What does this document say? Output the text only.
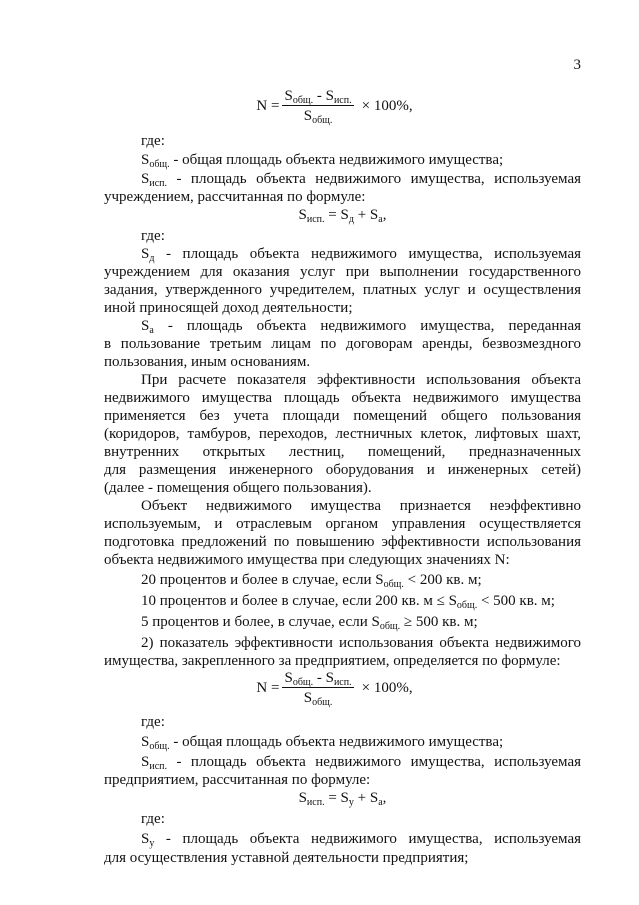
3
$N = \frac{S_{общ.} - S_{исп.}}{S_{общ.}} \times 100\%$,
где:
$S_{общ.}$ - общая площадь объекта недвижимого имущества;
$S_{исп.}$ - площадь объекта недвижимого имущества, используемая
учреждением, рассчитанная по формуле:
$S_{исп.} = S_д + S_а$,
где:
$S_д$ - площадь объекта недвижимого имущества, используемая
учреждением для оказания услуг при выполнении государственного
задания, утвержденного учредителем, платных услуг и осуществления
иной приносящей доход деятельности;
$S_а$ - площадь объекта недвижимого имущества, переданная
в пользование третьим лицам по договорам аренды, безвозмездного
пользования, иным основаниям.
При расчете показателя эффективности использования объекта
недвижимого имущества площадь объекта недвижимого имущества
применяется без учета площади помещений общего пользования
(коридоров, тамбуров, переходов, лестничных клеток, лифтовых шахт,
внутренних открытых лестниц, помещений, предназначенных
для размещения инженерного оборудования и инженерных сетей)
(далее - помещения общего пользования).
Объект недвижимого имущества признается неэффективно
используемым, и отраслевым органом управления осуществляется
подготовка предложений по повышению эффективности использования
объекта недвижимого имущества при следующих значениях N:
20 процентов и более в случае, если $S_{общ.} < 200$ кв. м;
10 процентов и более в случае, если 200 кв. $м \le S_{общ.} < 500$ кв. м;
5 процентов и более, в случае, если $S_{общ.} \ge 500$ кв. м;
2) показатель эффективности использования объекта недвижимого
имущества, закрепленного за предприятием, определяется по формуле:
$N = \frac{S_{общ.} - S_{исп.}}{S_{общ.}} \times 100\%$,
где:
$S_{общ.}$ - общая площадь объекта недвижимого имущества;
$S_{исп.}$ - площадь объекта недвижимого имущества, используемая
предприятием, рассчитанная по формуле:
$S_{исп.} = S_у + S_а$,
где:
$S_у$ - площадь объекта недвижимого имущества, используемая
для осуществления уставной деятельности предприятия;
